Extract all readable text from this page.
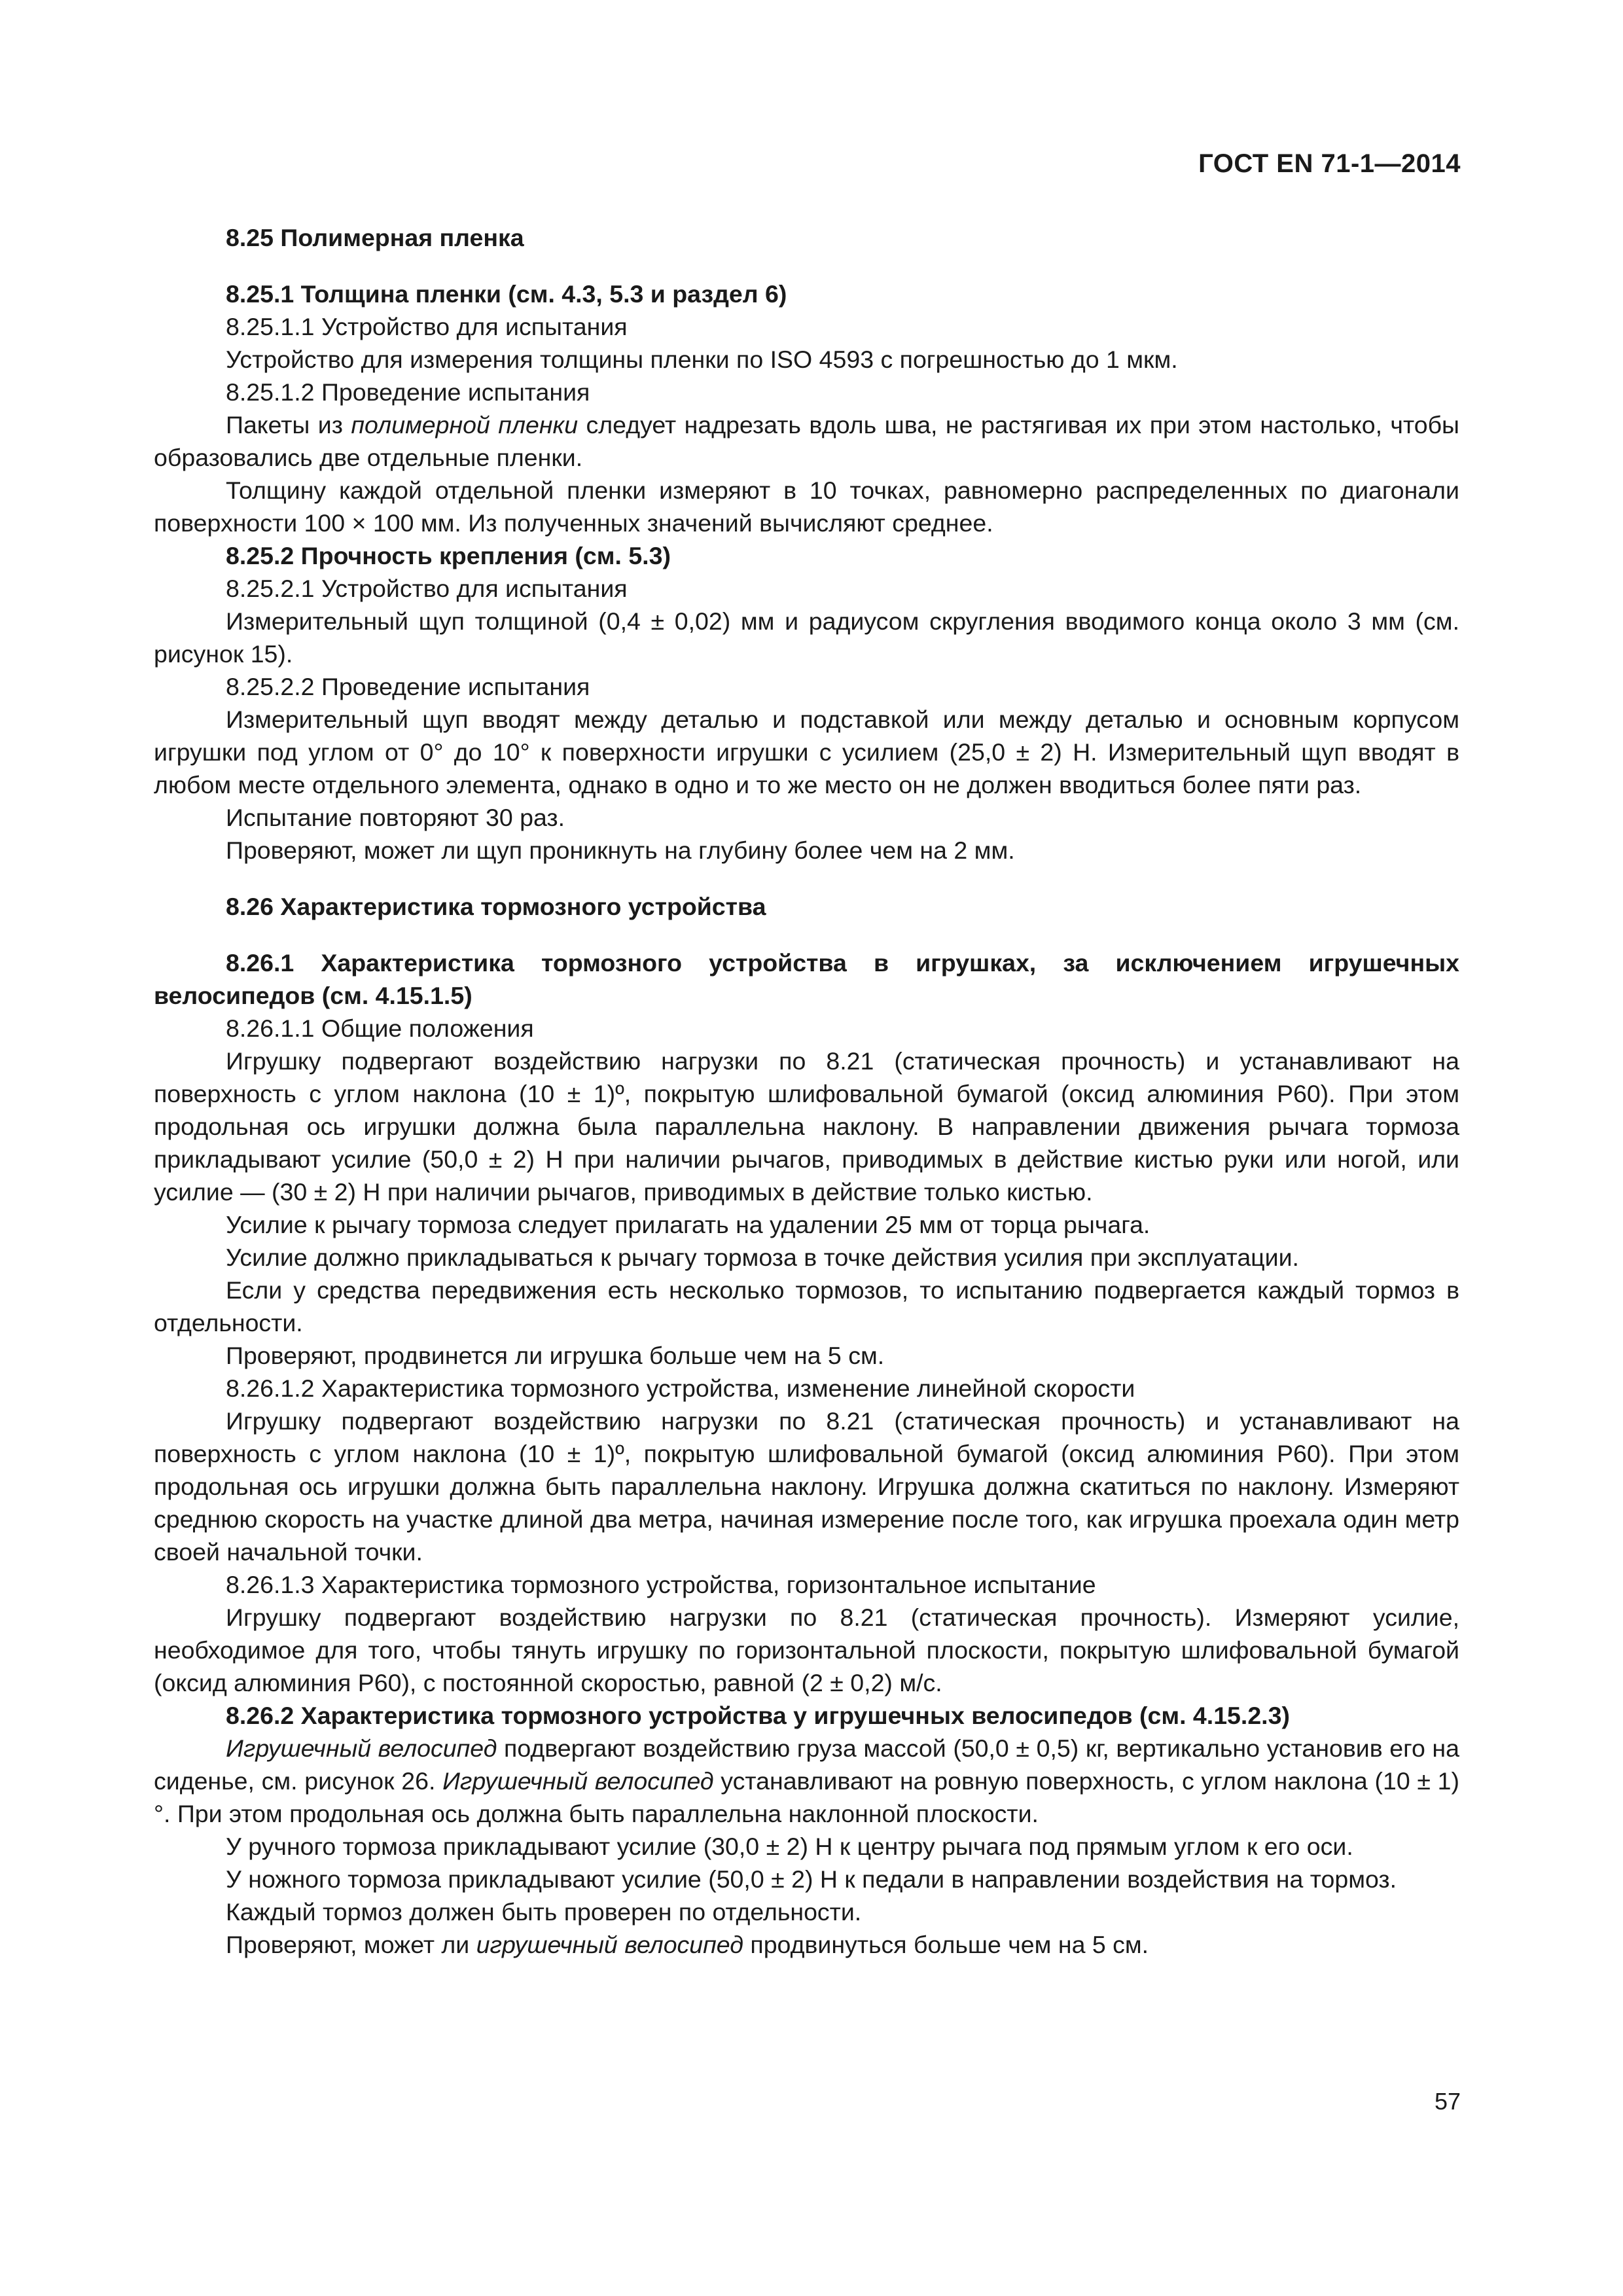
ГОСТ EN 71-1—2014

8.25 Полимерная пленка

8.25.1 Толщина пленки (см. 4.3, 5.3 и раздел 6)

8.25.1.1 Устройство для испытания

Устройство для измерения толщины пленки по ISO 4593 с погрешностью до 1 мкм.

8.25.1.2 Проведение испытания

Пакеты из полимерной пленки следует надрезать вдоль шва, не растягивая их при этом настолько, чтобы образовались две отдельные пленки.

Толщину каждой отдельной пленки измеряют в 10 точках, равномерно распределенных по диагонали поверхности 100 × 100 мм. Из полученных значений вычисляют среднее.

8.25.2 Прочность крепления (см. 5.3)

8.25.2.1 Устройство для испытания

Измерительный щуп толщиной (0,4 ± 0,02) мм и радиусом скругления вводимого конца около 3 мм (см. рисунок 15).

8.25.2.2 Проведение испытания

Измерительный щуп вводят между деталью и подставкой или между деталью и основным корпусом игрушки под углом от 0° до 10° к поверхности игрушки с усилием (25,0 ± 2) Н. Измерительный щуп вводят в любом месте отдельного элемента, однако в одно и то же место он не должен вводиться более пяти раз.

Испытание повторяют 30 раз.

Проверяют, может ли щуп проникнуть на глубину более чем на 2 мм.

8.26 Характеристика тормозного устройства

8.26.1 Характеристика тормозного устройства в игрушках, за исключением игрушечных велосипедов (см. 4.15.1.5)

8.26.1.1 Общие положения

Игрушку подвергают воздействию нагрузки по 8.21 (статическая прочность) и устанавливают на поверхность с углом наклона (10 ± 1)º, покрытую шлифовальной бумагой (оксид алюминия Р60). При этом продольная ось игрушки должна была параллельна наклону. В направлении движения рычага тормоза прикладывают усилие (50,0 ± 2) Н при наличии рычагов, приводимых в действие кистью руки или ногой, или усилие — (30 ± 2) Н при наличии рычагов, приводимых в действие только кистью.

Усилие к рычагу тормоза следует прилагать на удалении 25 мм от торца рычага.

Усилие должно прикладываться к рычагу тормоза в точке действия усилия при эксплуатации.

Если у средства передвижения есть несколько тормозов, то испытанию подвергается каждый тормоз в отдельности.

Проверяют, продвинется ли игрушка больше чем на 5 см.

8.26.1.2 Характеристика тормозного устройства, изменение линейной скорости

Игрушку подвергают воздействию нагрузки по 8.21 (статическая прочность) и устанавливают на поверхность с углом наклона (10 ± 1)º, покрытую шлифовальной бумагой (оксид алюминия Р60). При этом продольная ось игрушки должна быть параллельна наклону. Игрушка должна скатиться по наклону. Измеряют среднюю скорость на участке длиной два метра, начиная измерение после того, как игрушка проехала один метр своей начальной точки.

8.26.1.3 Характеристика тормозного устройства, горизонтальное испытание

Игрушку подвергают воздействию нагрузки по 8.21 (статическая прочность). Измеряют усилие, необходимое для того, чтобы тянуть игрушку по горизонтальной плоскости, покрытую шлифовальной бумагой (оксид алюминия Р60), с постоянной скоростью, равной (2 ± 0,2) м/с.

8.26.2 Характеристика тормозного устройства у игрушечных велосипедов (см. 4.15.2.3)

Игрушечный велосипед подвергают воздействию груза массой (50,0 ± 0,5) кг, вертикально установив его на сиденье, см. рисунок 26. Игрушечный велосипед устанавливают на ровную поверхность, с углом наклона (10 ± 1)°. При этом продольная ось должна быть параллельна наклонной плоскости.

У ручного тормоза прикладывают усилие (30,0 ± 2) Н к центру рычага под прямым углом к его оси.

У ножного тормоза прикладывают усилие (50,0 ± 2) Н к педали в направлении воздействия на тормоз.

Каждый тормоз должен быть проверен по отдельности.

Проверяют, может ли игрушечный велосипед продвинуться больше чем на 5 см.

57
